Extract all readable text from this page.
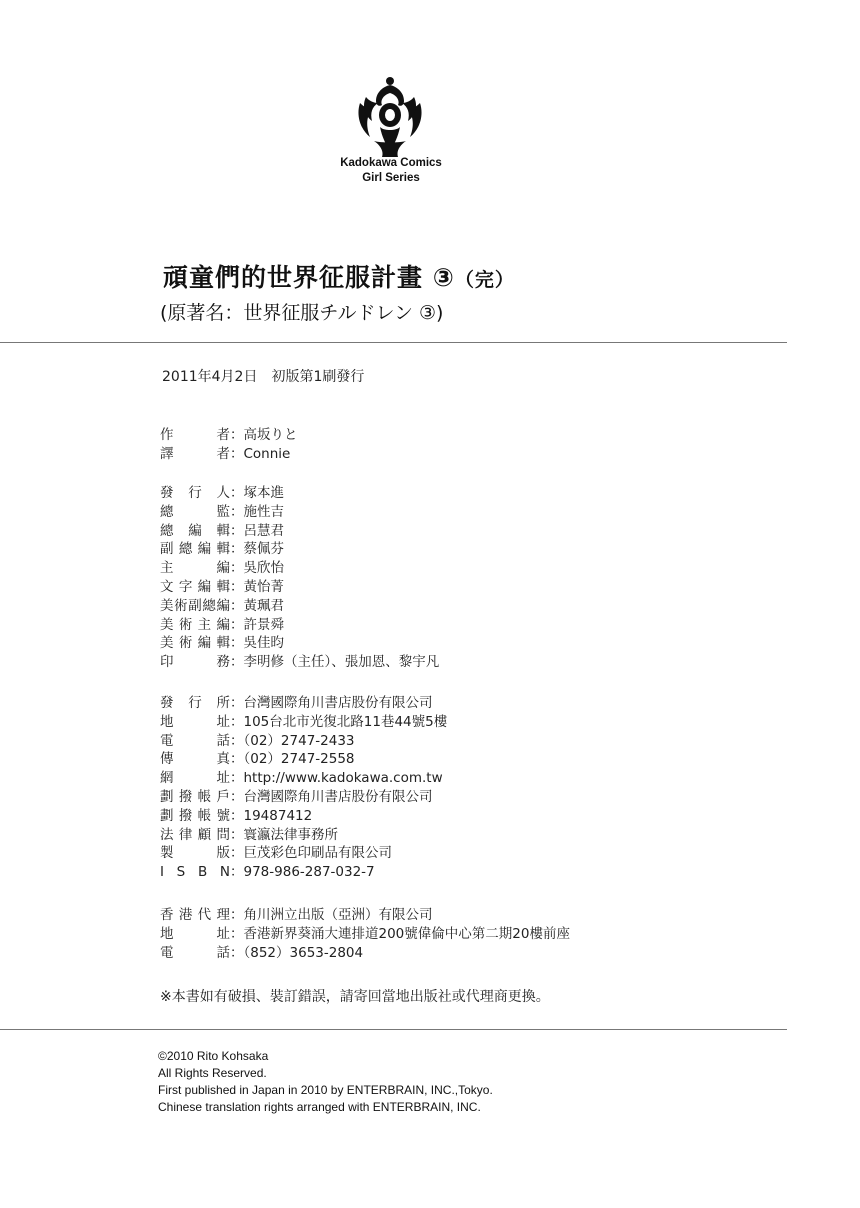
Kadokawa Comics
Girl Series
頑童們的世界征服計畫 ③（完）
(原著名：世界征服チルドレン ③)
2011年4月2日　初版第1刷發行
作	者 ：高坂りと
譯	者 ：Connie
發 行 人 ：塚本進
總	監 ：施性吉
總 編 輯 ：呂慧君
副 總 編 輯 ：蔡佩芬
主	編 ：吳欣怡
文 字 編 輯 ：黃怡菁
美 術 副 總 編 ：黃珮君
美 術 主 編 ：許景舜
美 術 編 輯 ：吳佳昀
印	務 ：李明修（主任）、張加恩、黎宇凡
發 行 所 ：台灣國際角川書店股份有限公司
地	址 ：105台北市光復北路11巷44號5樓
電	話 ：（02）2747-2433
傳	真 ：（02）2747-2558
網	址 ：http://www.kadokawa.com.tw
劃 撥 帳 戶 ：台灣國際角川書店股份有限公司
劃 撥 帳 號 ：19487412
法 律 顧 問 ：寰瀛法律事務所
製	版 ：巨茂彩色印刷品有限公司
I S B N ：978-986-287-032-7
香 港 代 理 ：角川洲立出版（亞洲）有限公司
地	址 ：香港新界葵涌大連排道200號偉倫中心第二期20樓前座
電	話 ：（852）3653-2804
※本書如有破損、裝訂錯誤，請寄回當地出版社或代理商更換。
©2010 Rito Kohsaka
All Rights Reserved.
First published in Japan in 2010 by ENTERBRAIN, INC.,Tokyo.
Chinese translation rights arranged with ENTERBRAIN, INC.
